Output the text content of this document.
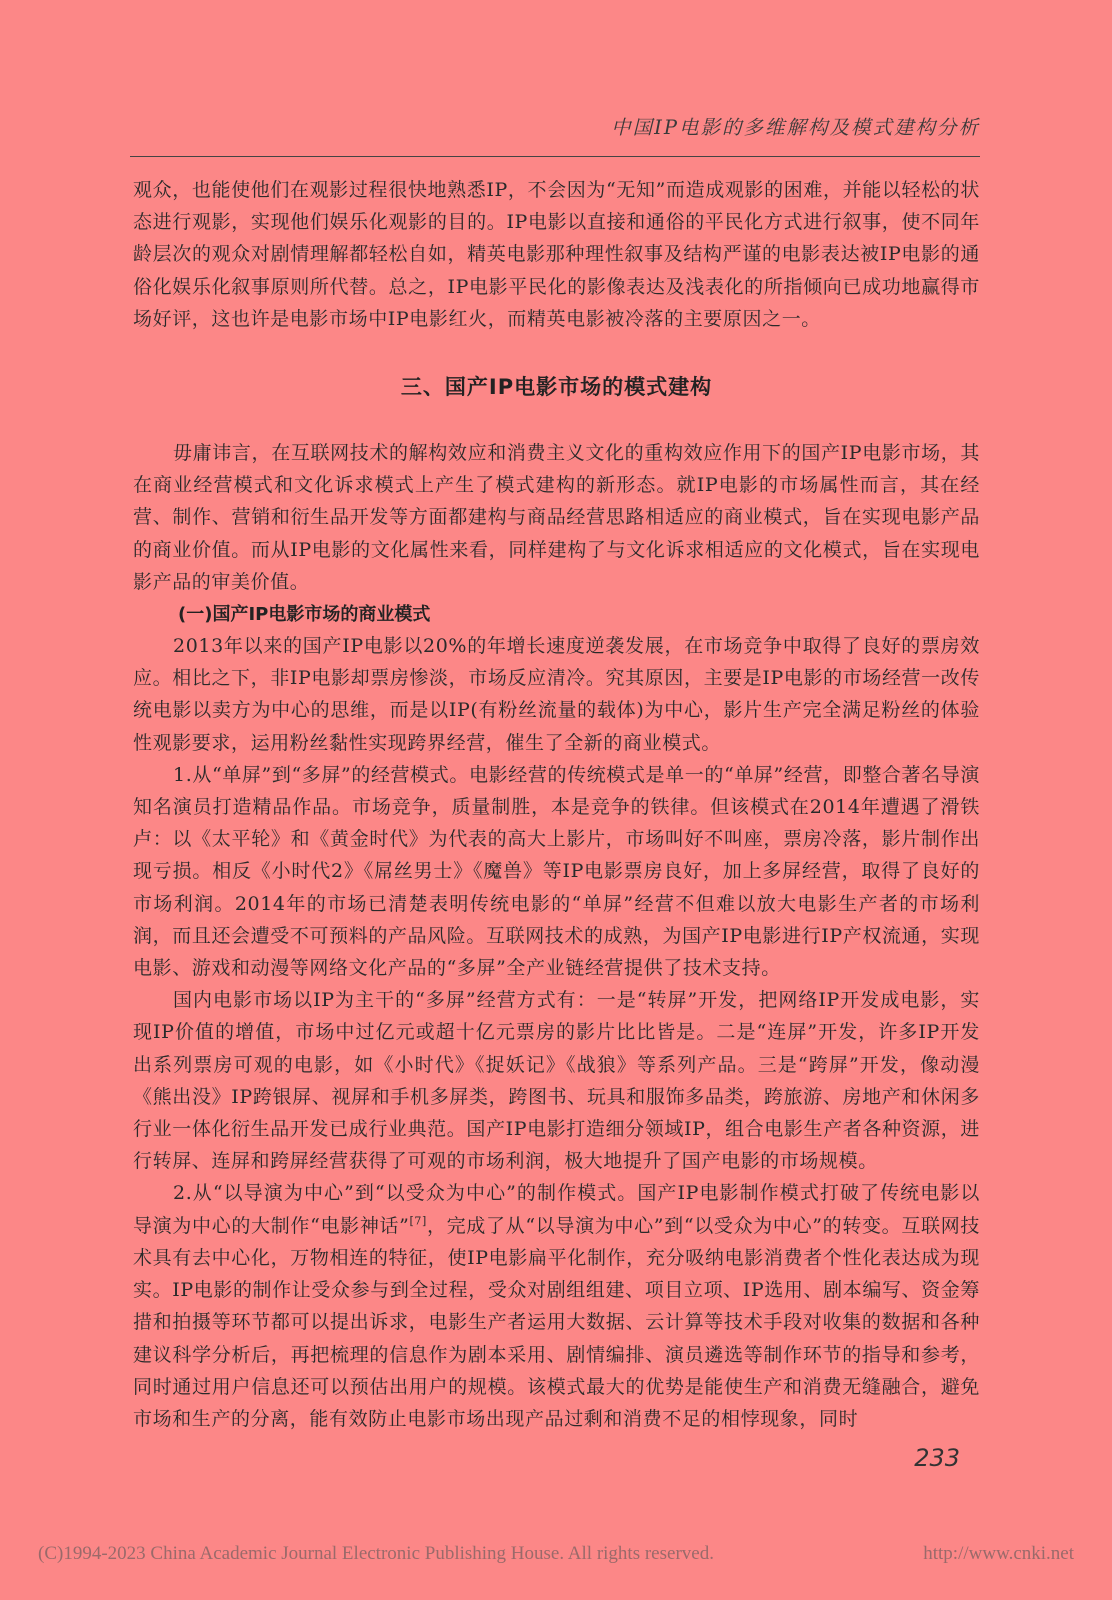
中国IP电影的多维解构及模式建构分析

观众，也能使他们在观影过程很快地熟悉IP，不会因为“无知”而造成观影的困难，并能以轻松的状态进行观影，实现他们娱乐化观影的目的。IP电影以直接和通俗的平民化方式进行叙事，使不同年龄层次的观众对剧情理解都轻松自如，精英电影那种理性叙事及结构严谨的电影表达被IP电影的通俗化娱乐化叙事原则所代替。总之，IP电影平民化的影像表达及浅表化的所指倾向已成功地赢得市场好评，这也许是电影市场中IP电影红火，而精英电影被冷落的主要原因之一。

三、国产IP电影市场的模式建构

毋庸讳言，在互联网技术的解构效应和消费主义文化的重构效应作用下的国产IP电影市场，其在商业经营模式和文化诉求模式上产生了模式建构的新形态。就IP电影的市场属性而言，其在经营、制作、营销和衍生品开发等方面都建构与商品经营思路相适应的商业模式，旨在实现电影产品的商业价值。而从IP电影的文化属性来看，同样建构了与文化诉求相适应的文化模式，旨在实现电影产品的审美价值。

(一)国产IP电影市场的商业模式

2013年以来的国产IP电影以20%的年增长速度逆袭发展，在市场竞争中取得了良好的票房效应。相比之下，非IP电影却票房惨淡，市场反应清冷。究其原因，主要是IP电影的市场经营一改传统电影以卖方为中心的思维，而是以IP(有粉丝流量的载体)为中心，影片生产完全满足粉丝的体验性观影要求，运用粉丝黏性实现跨界经营，催生了全新的商业模式。

1.从“单屏”到“多屏”的经营模式。电影经营的传统模式是单一的“单屏”经营，即整合著名导演知名演员打造精品作品。市场竞争，质量制胜，本是竞争的铁律。但该模式在2014年遭遇了滑铁卢：以《太平轮》和《黄金时代》为代表的高大上影片，市场叫好不叫座，票房冷落，影片制作出现亏损。相反《小时代2》《屌丝男士》《魔兽》等IP电影票房良好，加上多屏经营，取得了良好的市场利润。2014年的市场已清楚表明传统电影的“单屏”经营不但难以放大电影生产者的市场利润，而且还会遭受不可预料的产品风险。互联网技术的成熟，为国产IP电影进行IP产权流通，实现电影、游戏和动漫等网络文化产品的“多屏”全产业链经营提供了技术支持。

国内电影市场以IP为主干的“多屏”经营方式有：一是“转屏”开发，把网络IP开发成电影，实现IP价值的增值，市场中过亿元或超十亿元票房的影片比比皆是。二是“连屏”开发，许多IP开发出系列票房可观的电影，如《小时代》《捉妖记》《战狼》等系列产品。三是“跨屏”开发，像动漫《熊出没》IP跨银屏、视屏和手机多屏类，跨图书、玩具和服饰多品类，跨旅游、房地产和休闲多行业一体化衍生品开发已成行业典范。国产IP电影打造细分领域IP，组合电影生产者各种资源，进行转屏、连屏和跨屏经营获得了可观的市场利润，极大地提升了国产电影的市场规模。

2.从“以导演为中心”到“以受众为中心”的制作模式。国产IP电影制作模式打破了传统电影以导演为中心的大制作“电影神话”[7]，完成了从“以导演为中心”到“以受众为中心”的转变。互联网技术具有去中心化，万物相连的特征，使IP电影扁平化制作，充分吸纳电影消费者个性化表达成为现实。IP电影的制作让受众参与到全过程，受众对剧组组建、项目立项、IP选用、剧本编写、资金筹措和拍摄等环节都可以提出诉求，电影生产者运用大数据、云计算等技术手段对收集的数据和各种建议科学分析后，再把梳理的信息作为剧本采用、剧情编排、演员遴选等制作环节的指导和参考，同时通过用户信息还可以预估出用户的规模。该模式最大的优势是能使生产和消费无缝融合，避免市场和生产的分离，能有效防止电影市场出现产品过剩和消费不足的相悖现象，同时

233
(C)1994-2023 China Academic Journal Electronic Publishing House. All rights reserved.	http://www.cnki.net
